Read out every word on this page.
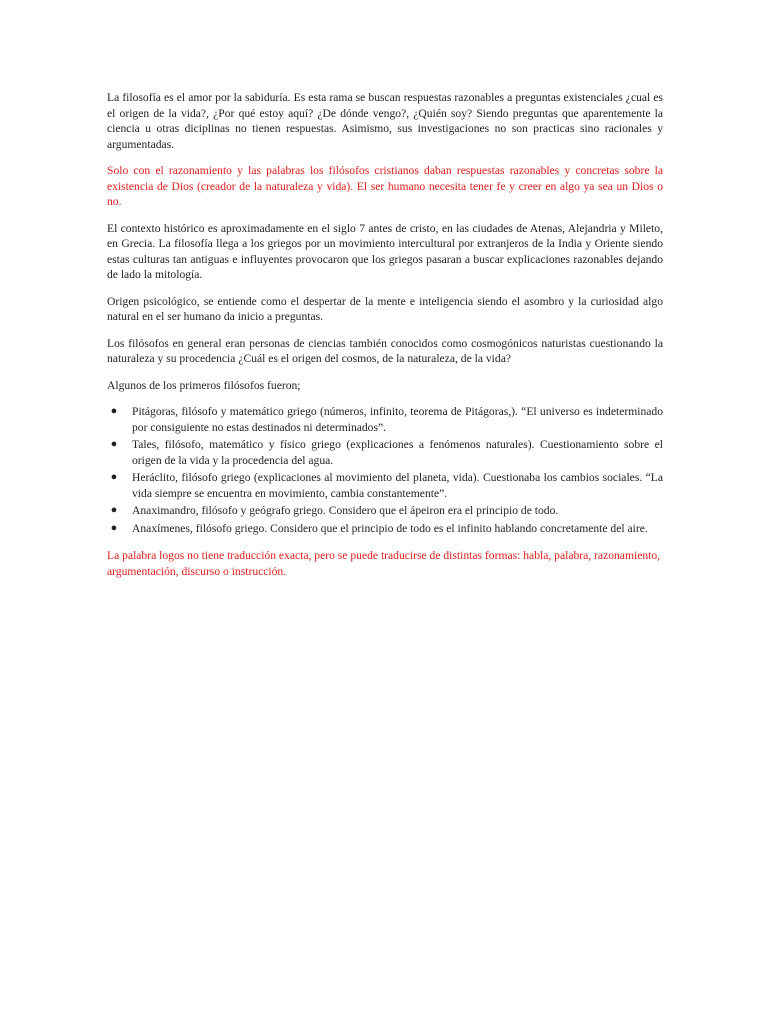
La filosofía es el amor por la sabiduría. Es esta rama se buscan respuestas razonables a preguntas existenciales ¿cual es el origen de la vida?, ¿Por qué estoy aquí? ¿De dónde vengo?, ¿Quién soy? Siendo preguntas que aparentemente la ciencia u otras diciplinas no tienen respuestas. Asimismo, sus investigaciones no son practicas sino racionales y argumentadas.

Solo con el razonamiento y las palabras los filósofos cristianos daban respuestas razonables y concretas sobre la existencia de Dios (creador de la naturaleza y vida). El ser humano necesita tener fe y creer en algo ya sea un Dios o no.

El contexto histórico es aproximadamente en el siglo 7 antes de cristo, en las ciudades de Atenas, Alejandria y Mileto, en Grecia. La filosofía llega a los griegos por un movimiento intercultural por extranjeros de la India y Oriente siendo estas culturas tan antiguas e influyentes provocaron que los griegos pasaran a buscar explicaciones razonables dejando de lado la mitología.

Origen psicológico, se entiende como el despertar de la mente e inteligencia siendo el asombro y la curiosidad algo natural en el ser humano da inicio a preguntas.

Los filósofos en general eran personas de ciencias también conocidos como cosmogónicos naturistas cuestionando la naturaleza y su procedencia ¿Cuál es el origen del cosmos, de la naturaleza, de la vida?

Algunos de los primeros filósofos fueron;

● Pitágoras, filósofo y matemático griego (números, infinito, teorema de Pitágoras,). “El universo es indeterminado por consiguiente no estas destinados ni determinados”.
● Tales, filósofo, matemático y físico griego (explicaciones a fenómenos naturales). Cuestionamiento sobre el origen de la vida y la procedencia del agua.
● Heráclito, filósofo griego (explicaciones al movimiento del planeta, vida). Cuestionaba los cambios sociales. “La vida siempre se encuentra en movimiento, cambia constantemente”.
● Anaximandro, filósofo y geógrafo griego. Considero que el ápeiron era el principio de todo.
● Anaxímenes, filósofo griego. Considero que el principio de todo es el infinito hablando concretamente del aire.

La palabra logos no tiene traducción exacta, pero se puede traducirse de distintas formas: habla, palabra, razonamiento, argumentación, discurso o instrucción.
